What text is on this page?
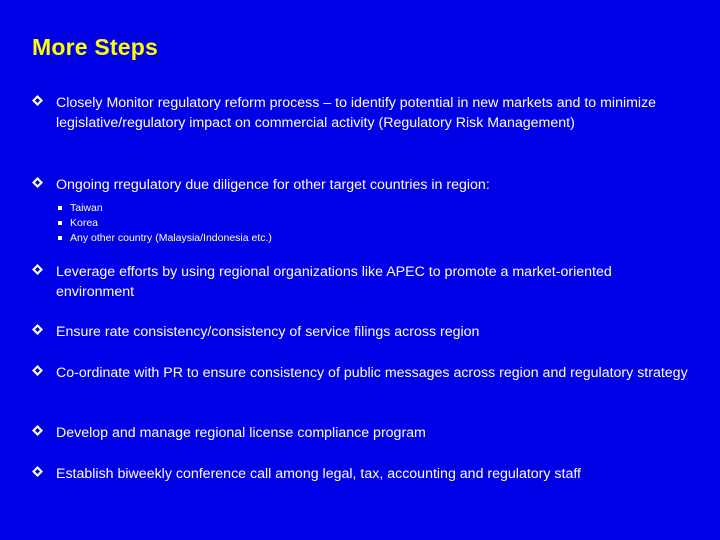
More Steps
Closely Monitor regulatory reform process – to identify potential in new markets and to minimize legislative/regulatory impact on commercial activity (Regulatory Risk Management)
Ongoing rregulatory due diligence for other target countries in region:
Taiwan
Korea
Any other country (Malaysia/Indonesia etc.)
Leverage efforts by using regional organizations like APEC to promote a market-oriented environment
Ensure rate consistency/consistency of service filings across region
Co-ordinate with PR to ensure consistency of public messages across region and regulatory strategy
Develop and manage regional license compliance program
Establish biweekly conference call among legal, tax, accounting and regulatory staff
